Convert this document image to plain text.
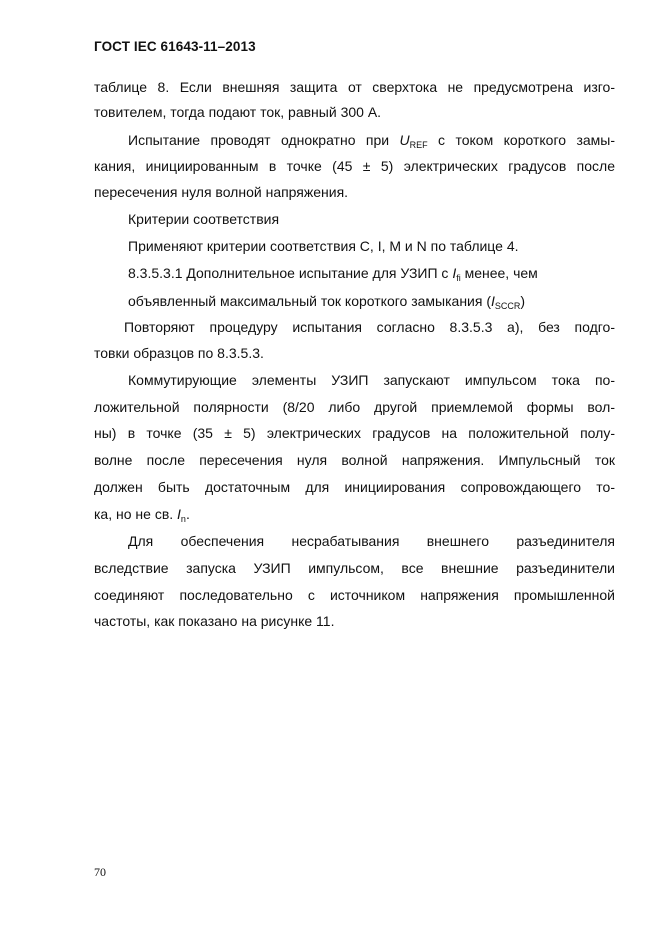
ГОСТ IEC 61643-11–2013
таблице 8. Если внешняя защита от сверхтока не предусмотрена изго-
товителем, тогда подают ток, равный 300 А.
Испытание проводят однократно при $U_{REF}$ с током короткого замы-
кания, инициированным в точке (45 ± 5) электрических градусов после
пересечения нуля волной напряжения.
Критерии соответствия
Применяют критерии соответствия С, I, M и N по таблице 4.
8.3.5.3.1 Дополнительное испытание для УЗИП с $I_{fi}$ менее, чем
объявленный максимальный ток короткого замыкания $(I_{SCCR})$
Повторяют процедуру испытания согласно 8.3.5.3 a), без подго-
товки образцов по 8.3.5.3.
Коммутирующие элементы УЗИП запускают импульсом тока по-
ложительной полярности (8/20 либо другой приемлемой формы вол-
ны) в точке (35 ± 5) электрических градусов на положительной полу-
волне после пересечения нуля волной напряжения. Импульсный ток
должен быть достаточным для инициирования сопровождающего то-
ка, но не св. $I_n$.
Для обеспечения несрабатывания внешнего разъединителя
вследствие запуска УЗИП импульсом, все внешние разъединители
соединяют последовательно с источником напряжения промышленной
частоты, как показано на рисунке 11.
70
